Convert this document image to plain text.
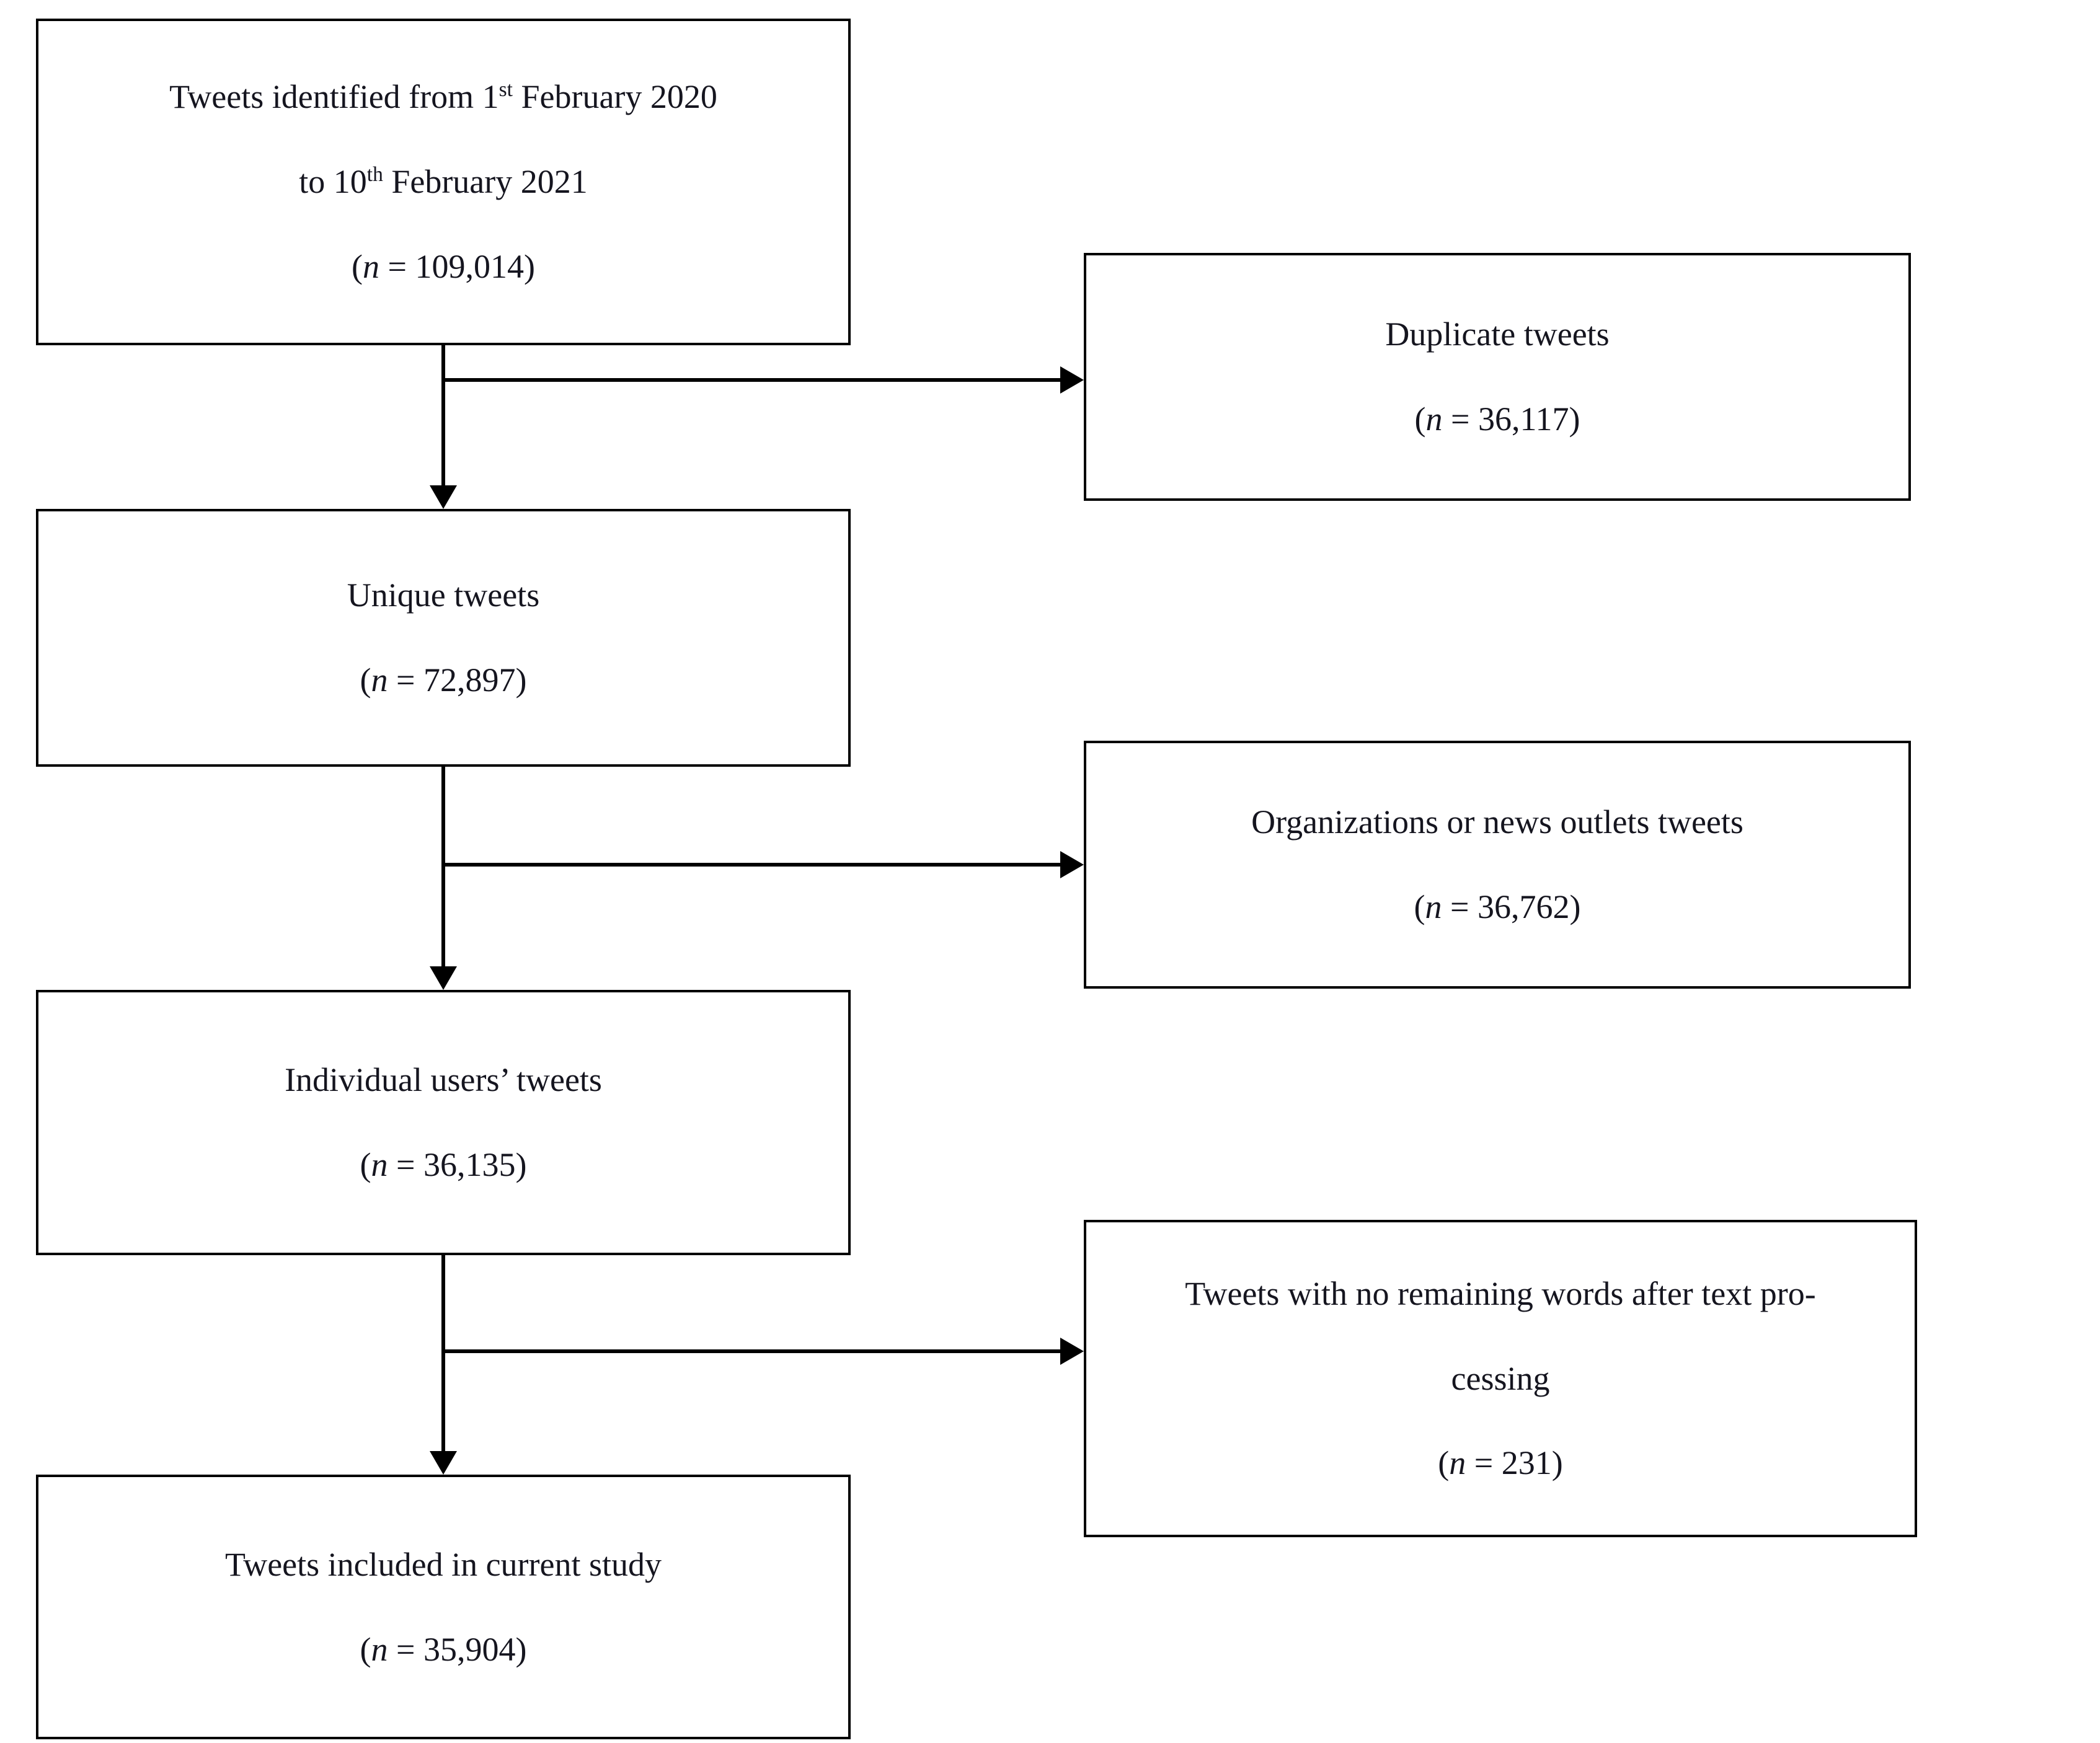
Tweets identified from 1st February 2020
to 10th February 2021
(n = 109,014)
Duplicate tweets
(n = 36,117)
Unique tweets
(n = 72,897)
Organizations or news outlets tweets
(n = 36,762)
Individual users’ tweets
(n = 36,135)
Tweets with no remaining words after text pro-
cessing
(n = 231)
Tweets included in current study
(n = 35,904)
